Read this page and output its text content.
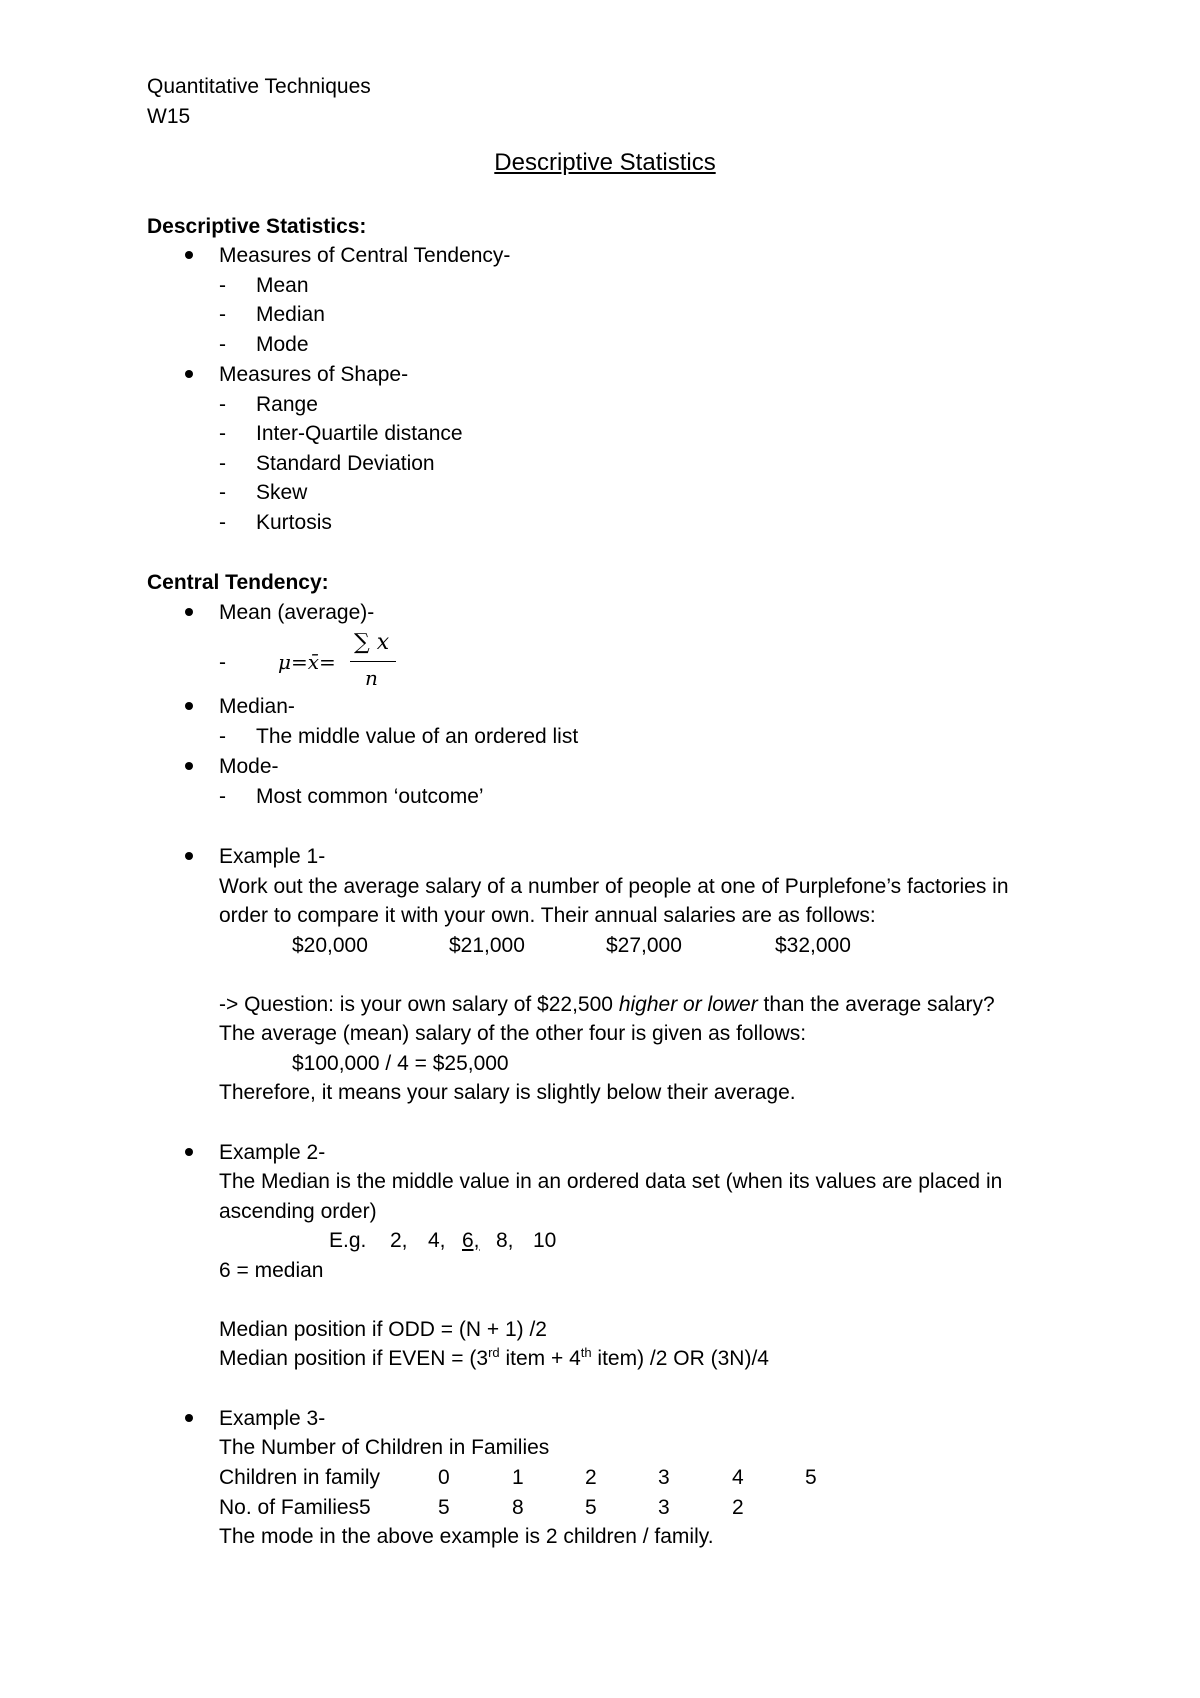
Quantitative Techniques
W15
Descriptive Statistics
Descriptive Statistics:
Measures of Central Tendency-
- Mean
- Median
- Mode
Measures of Shape-
- Range
- Inter-Quartile distance
- Standard Deviation
- Skew
- Kurtosis
Central Tendency:
Mean (average)-
-	μ=x̄=
∑ x
n
Median-
- The middle value of an ordered list
Mode-
- Most common ‘outcome’
Example 1-
Work out the average salary of a number of people at one of Purplefone’s factories in
order to compare it with your own. Their annual salaries are as follows:
$20,000	$21,000	$27,000	$32,000
-> Question: is your own salary of $22,500 higher or lower than the average salary?
The average (mean) salary of the other four is given as follows:
$100,000 / 4 = $25,000
Therefore, it means your salary is slightly below their average.
Example 2-
The Median is the middle value in an ordered data set (when its values are placed in
ascending order)
E.g. 2, 4, 6, 8, 10
6 = median
Median position if ODD = (N + 1) /2
Median position if EVEN = (3rd item + 4th item) /2 OR (3N)/4
Example 3-
The Number of Children in Families
Children in family	0	1	2	3	4	5
No. of Families5	5	8	5	3	2
The mode in the above example is 2 children / family.
